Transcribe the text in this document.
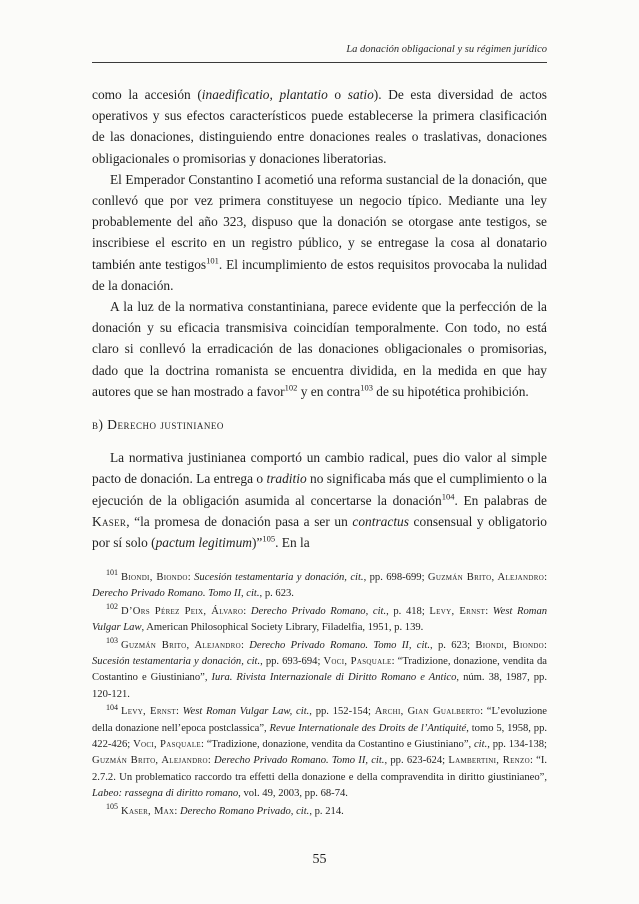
La donación obligacional y su régimen jurídico

como la accesión (inaedificatio, plantatio o satio). De esta diversidad de actos operativos y sus efectos característicos puede establecerse la primera clasificación de las donaciones, distinguiendo entre donaciones reales o traslativas, donaciones obligacionales o promisorias y donaciones liberatorias.

El Emperador Constantino I acometió una reforma sustancial de la donación, que conllevó que por vez primera constituyese un negocio típico. Mediante una ley probablemente del año 323, dispuso que la donación se otorgase ante testigos, se inscribiese el escrito en un registro público, y se entregase la cosa al donatario también ante testigos$^{101}$. El incumplimiento de estos requisitos provocaba la nulidad de la donación.

A la luz de la normativa constantiniana, parece evidente que la perfección de la donación y su eficacia transmisiva coincidían temporalmente. Con todo, no está claro si conllevó la erradicación de las donaciones obligacionales o promisorias, dado que la doctrina romanista se encuentra dividida, en la medida en que hay autores que se han mostrado a favor$^{102}$ y en contra$^{103}$ de su hipotética prohibición.

b) Derecho justinianeo

La normativa justinianea comportó un cambio radical, pues dio valor al simple pacto de donación. La entrega o traditio no significaba más que el cumplimiento o la ejecución de la obligación asumida al concertarse la donación$^{104}$. En palabras de Kaser, “la promesa de donación pasa a ser un contractus consensual y obligatorio por sí solo (pactum legitimum)”$^{105}$. En la

$^{101}$ Biondi, Biondo: Sucesión testamentaria y donación, cit., pp. 698-699; Guzmán Brito, Alejandro: Derecho Privado Romano. Tomo II, cit., p. 623.

$^{102}$ D’Ors Pérez Peix, Álvaro: Derecho Privado Romano, cit., p. 418; Levy, Ernst: West Roman Vulgar Law, American Philosophical Society Library, Filadelfia, 1951, p. 139.

$^{103}$ Guzmán Brito, Alejandro: Derecho Privado Romano. Tomo II, cit., p. 623; Biondi, Biondo: Sucesión testamentaria y donación, cit., pp. 693-694; Voci, Pasquale: “Tradizione, donazione, vendita da Costantino e Giustiniano”, Iura. Rivista Internazionale di Diritto Romano e Antico, núm. 38, 1987, pp. 120-121.

$^{104}$ Levy, Ernst: West Roman Vulgar Law, cit., pp. 152-154; Archi, Gian Gualberto: “L’evoluzione della donazione nell’epoca postclassica”, Revue Internationale des Droits de l’Antiquité, tomo 5, 1958, pp. 422-426; Voci, Pasquale: “Tradizione, donazione, vendita da Costantino e Giustiniano”, cit., pp. 134-138; Guzmán Brito, Alejandro: Derecho Privado Romano. Tomo II, cit., pp. 623-624; Lambertini, Renzo: “I. 2.7.2. Un problematico raccordo tra effetti della donazione e della compravendita in diritto giustinianeo”, Labeo: rassegna di diritto romano, vol. 49, 2003, pp. 68-74.

$^{105}$ Kaser, Max: Derecho Romano Privado, cit., p. 214.

55
